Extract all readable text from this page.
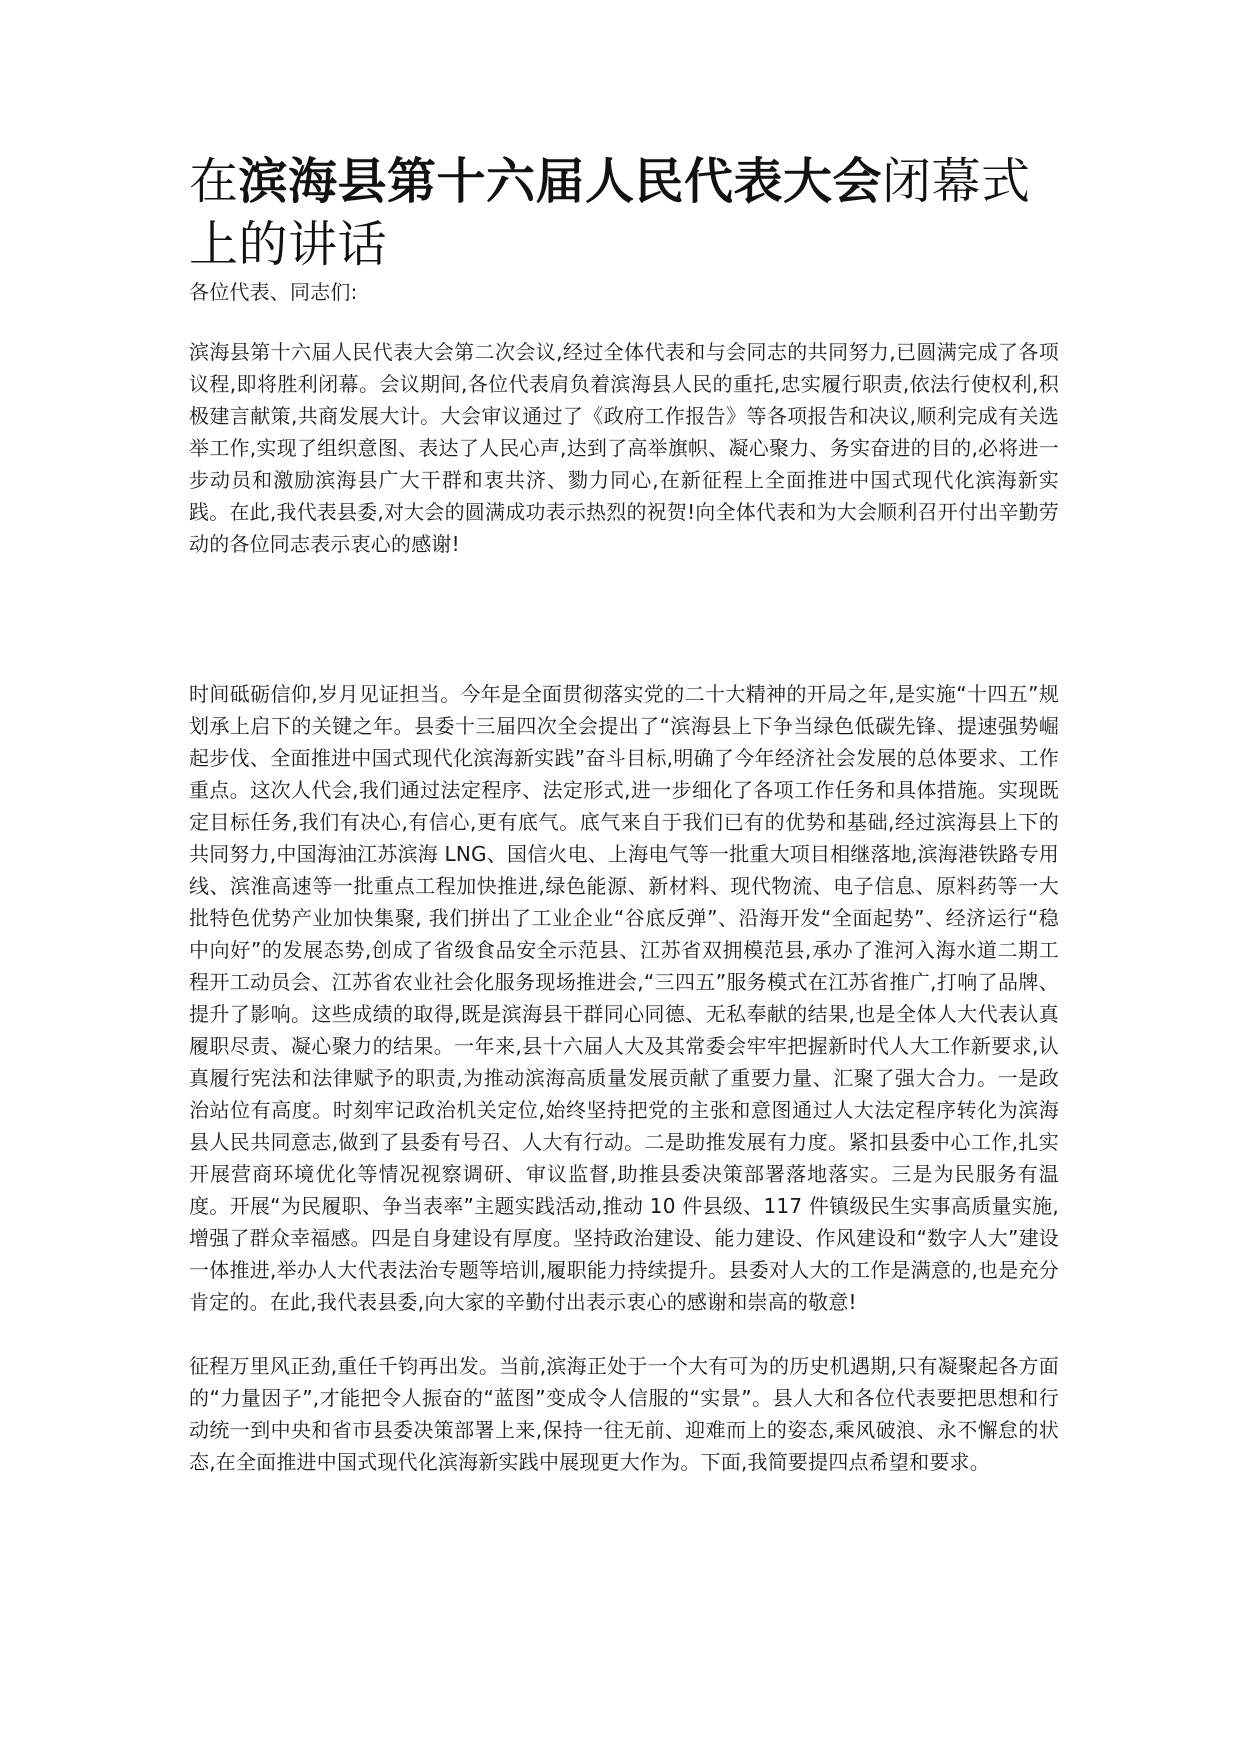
在滨海县第十六届人民代表大会闭幕式上的讲话

各位代表、同志们:

滨海县第十六届人民代表大会第二次会议,经过全体代表和与会同志的共同努力,已圆满完成了各项议程,即将胜利闭幕。会议期间,各位代表肩负着滨海县人民的重托,忠实履行职责,依法行使权利,积极建言献策,共商发展大计。大会审议通过了《政府工作报告》等各项报告和决议,顺利完成有关选举工作,实现了组织意图、表达了人民心声,达到了高举旗帜、凝心聚力、务实奋进的目的,必将进一步动员和激励滨海县广大干群和衷共济、勠力同心,在新征程上全面推进中国式现代化滨海新实践。在此,我代表县委,对大会的圆满成功表示热烈的祝贺!向全体代表和为大会顺利召开付出辛勤劳动的各位同志表示衷心的感谢!

时间砥砺信仰,岁月见证担当。今年是全面贯彻落实党的二十大精神的开局之年,是实施“十四五”规划承上启下的关键之年。县委十三届四次全会提出了“滨海县上下争当绿色低碳先锋、提速强势崛起步伐、全面推进中国式现代化滨海新实践”奋斗目标,明确了今年经济社会发展的总体要求、工作重点。这次人代会,我们通过法定程序、法定形式,进一步细化了各项工作任务和具体措施。实现既定目标任务,我们有决心,有信心,更有底气。底气来自于我们已有的优势和基础,经过滨海县上下的共同努力,中国海油江苏滨海 LNG、国信火电、上海电气等一批重大项目相继落地,滨海港铁路专用线、滨淮高速等一批重点工程加快推进,绿色能源、新材料、现代物流、电子信息、原料药等一大批特色优势产业加快集聚, 我们拼出了工业企业“谷底反弹”、沿海开发“全面起势”、经济运行“稳中向好”的发展态势,创成了省级食品安全示范县、江苏省双拥模范县,承办了淮河入海水道二期工程开工动员会、江苏省农业社会化服务现场推进会,“三四五”服务模式在江苏省推广,打响了品牌、提升了影响。这些成绩的取得,既是滨海县干群同心同德、无私奉献的结果,也是全体人大代表认真履职尽责、凝心聚力的结果。一年来,县十六届人大及其常委会牢牢把握新时代人大工作新要求,认真履行宪法和法律赋予的职责,为推动滨海高质量发展贡献了重要力量、汇聚了强大合力。一是政治站位有高度。时刻牢记政治机关定位,始终坚持把党的主张和意图通过人大法定程序转化为滨海县人民共同意志,做到了县委有号召、人大有行动。二是助推发展有力度。紧扣县委中心工作,扎实开展营商环境优化等情况视察调研、审议监督,助推县委决策部署落地落实。三是为民服务有温度。开展“为民履职、争当表率”主题实践活动,推动 10 件县级、117 件镇级民生实事高质量实施,增强了群众幸福感。四是自身建设有厚度。坚持政治建设、能力建设、作风建设和“数字人大”建设一体推进,举办人大代表法治专题等培训,履职能力持续提升。县委对人大的工作是满意的,也是充分肯定的。在此,我代表县委,向大家的辛勤付出表示衷心的感谢和崇高的敬意!

征程万里风正劲,重任千钧再出发。当前,滨海正处于一个大有可为的历史机遇期,只有凝聚起各方面的“力量因子”,才能把令人振奋的“蓝图”变成令人信服的“实景”。县人大和各位代表要把思想和行动统一到中央和省市县委决策部署上来,保持一往无前、迎难而上的姿态,乘风破浪、永不懈怠的状态,在全面推进中国式现代化滨海新实践中展现更大作为。下面,我简要提四点希望和要求。
